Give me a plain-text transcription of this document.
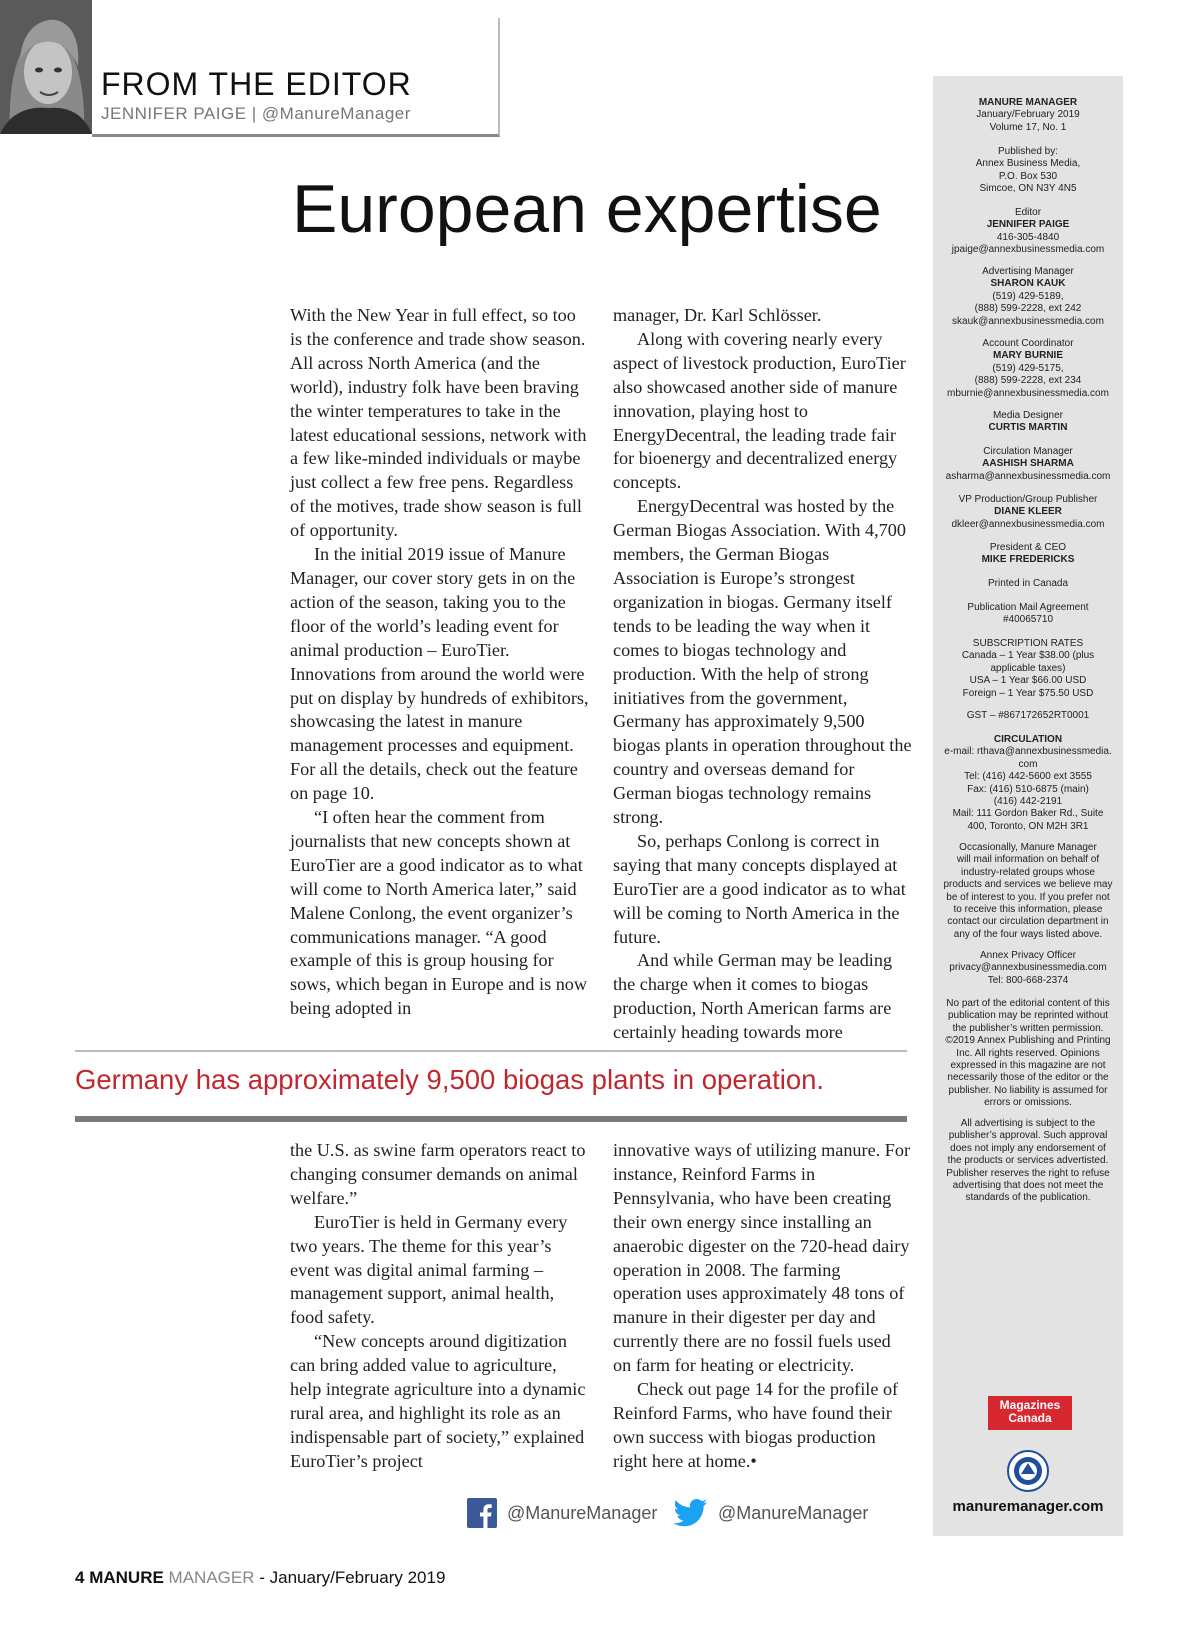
FROM THE EDITOR
JENNIFER PAIGE | @ManureManager
European expertise

With the New Year in full effect, so too is the conference and trade show season. All across North America (and the world), industry folk have been braving the winter temperatures to take in the latest educational sessions, network with a few like-minded individuals or maybe just collect a few free pens. Regardless of the motives, trade show season is full of opportunity.

In the initial 2019 issue of Manure Manager, our cover story gets in on the action of the season, taking you to the floor of the world’s leading event for animal production – EuroTier. Innovations from around the world were put on display by hundreds of exhibitors, showcasing the latest in manure management processes and equipment. For all the details, check out the feature on page 10.

“I often hear the comment from journalists that new concepts shown at EuroTier are a good indicator as to what will come to North America later,” said Malene Conlong, the event organizer’s communications manager. “A good example of this is group housing for sows, which began in Europe and is now being adopted in

manager, Dr. Karl Schlösser.

Along with covering nearly every aspect of livestock production, EuroTier also showcased another side of manure innovation, playing host to EnergyDecentral, the leading trade fair for bioenergy and decentralized energy concepts.

EnergyDecentral was hosted by the German Biogas Association. With 4,700 members, the German Biogas Association is Europe’s strongest organization in biogas. Germany itself tends to be leading the way when it comes to biogas technology and production. With the help of strong initiatives from the government, Germany has approximately 9,500 biogas plants in operation throughout the country and overseas demand for German biogas technology remains strong.

So, perhaps Conlong is correct in saying that many concepts displayed at EuroTier are a good indicator as to what will be coming to North America in the future.

And while German may be leading the charge when it comes to biogas production, North American farms are certainly heading towards more

Germany has approximately 9,500 biogas plants in operation.

the U.S. as swine farm operators react to changing consumer demands on animal welfare.”

EuroTier is held in Germany every two years. The theme for this year’s event was digital animal farming – management support, animal health, food safety.

“New concepts around digitization can bring added value to agriculture, help integrate agriculture into a dynamic rural area, and highlight its role as an indispensable part of society,” explained EuroTier’s project

innovative ways of utilizing manure. For instance, Reinford Farms in Pennsylvania, who have been creating their own energy since installing an anaerobic digester on the 720-head dairy operation in 2008. The farming operation uses approximately 48 tons of manure in their digester per day and currently there are no fossil fuels used on farm for heating or electricity.

Check out page 14 for the profile of Reinford Farms, who have found their own success with biogas production right here at home.•

@ManureManager	@ManureManager
4 MANURE MANAGER - January/February 2019
MANURE MANAGER
January/February 2019
Volume 17, No. 1
Published by:
Annex Business Media,
P.O. Box 530
Simcoe, ON N3Y 4N5
Editor
JENNIFER PAIGE
416-305-4840
jpaige@annexbusinessmedia.com
Advertising Manager
SHARON KAUK
(519) 429-5189,
(888) 599-2228, ext 242
skauk@annexbusinessmedia.com
Account Coordinator
MARY BURNIE
(519) 429-5175,
(888) 599-2228, ext 234
mburnie@annexbusinessmedia.com
Media Designer
CURTIS MARTIN
Circulation Manager
AASHISH SHARMA
asharma@annexbusinessmedia.com
VP Production/Group Publisher
DIANE KLEER
dkleer@annexbusinessmedia.com
President & CEO
MIKE FREDERICKS
Printed in Canada
Publication Mail Agreement
#40065710
SUBSCRIPTION RATES
Canada – 1 Year $38.00 (plus
applicable taxes)
USA – 1 Year $66.00 USD
Foreign – 1 Year $75.50 USD
GST – #867172652RT0001
CIRCULATION
e-mail: rthava@annexbusinessmedia.
com
Tel: (416) 442-5600 ext 3555
Fax: (416) 510-6875 (main)
(416) 442-2191
Mail: 111 Gordon Baker Rd., Suite
400, Toronto, ON M2H 3R1
Occasionally, Manure Manager
will mail information on behalf of
industry-related groups whose
products and services we believe may
be of interest to you. If you prefer not
to receive this information, please
contact our circulation department in
any of the four ways listed above.
Annex Privacy Officer
privacy@annexbusinessmedia.com
Tel: 800-668-2374
No part of the editorial content of this
publication may be reprinted without
the publisher’s written permission.
©2019 Annex Publishing and Printing
Inc. All rights reserved. Opinions
expressed in this magazine are not
necessarily those of the editor or the
publisher. No liability is assumed for
errors or omissions.
All advertising is subject to the
publisher’s approval. Such approval
does not imply any endorsement of
the products or services advertisted.
Publisher reserves the right to refuse
advertising that does not meet the
standards of the publication.
Magazines
Canada
manuremanager.com
